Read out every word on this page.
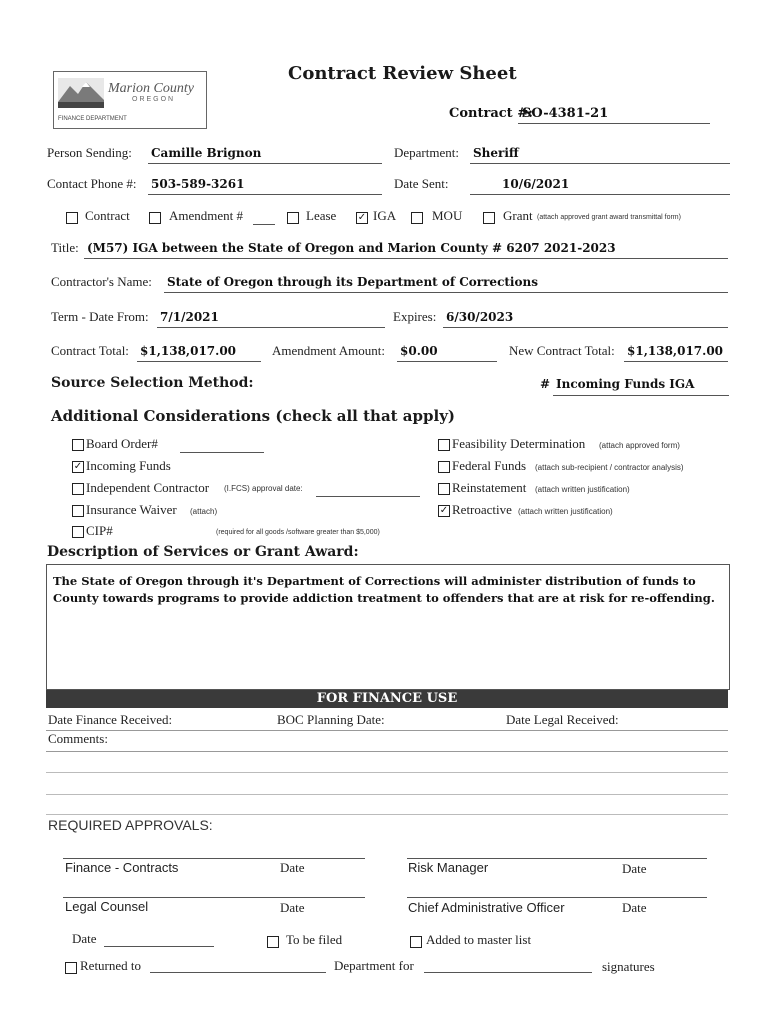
Marion County
OREGON
FINANCE DEPARTMENT
Contract Review Sheet
Contract #:
SO-4381-21
Person Sending: Camille Brignon	Department: Sheriff
Contact Phone #: 503-589-3261	Date Sent:	10/6/2021
Contract	Amendment #	Lease ✓ IGA	MOU	Grant (attach approved grant award transmittal form)
Title: (M57) IGA between the State of Oregon and Marion County # 6207 2021-2023
Contractor's Name: State of Oregon through its Department of Corrections
Term - Date From: 7/1/2021	Expires: 6/30/2023
Contract Total: $1,138,017.00	Amendment Amount: $0.00	New Contract Total: $1,138,017.00
Source Selection Method:	# Incoming Funds IGA
Additional Considerations (check all that apply)
Board Order#
✓ Incoming Funds
Independent Contractor (I.FCS) approval date:
Insurance Waiver (attach)
CIP#	(required for all goods /software greater than $5,000)
Feasibility Determination (attach approved form)
Federal Funds (attach sub-recipient / contractor analysis)
Reinstatement (attach written justification)
✓ Retroactive (attach written justification)
Description of Services or Grant Award:
The State of Oregon through it's Department of Corrections will administer distribution of funds to County towards programs to provide addiction treatment to offenders that are at risk for re-offending.
FOR FINANCE USE
Date Finance Received:	BOC Planning Date:	Date Legal Received:
Comments:
REQUIRED APPROVALS:
Finance - Contracts	Date	Risk Manager	Date
Legal Counsel	Date	Chief Administrative Officer	Date
Date	To be filed	Added to master list
Returned to	Department for	signatures
